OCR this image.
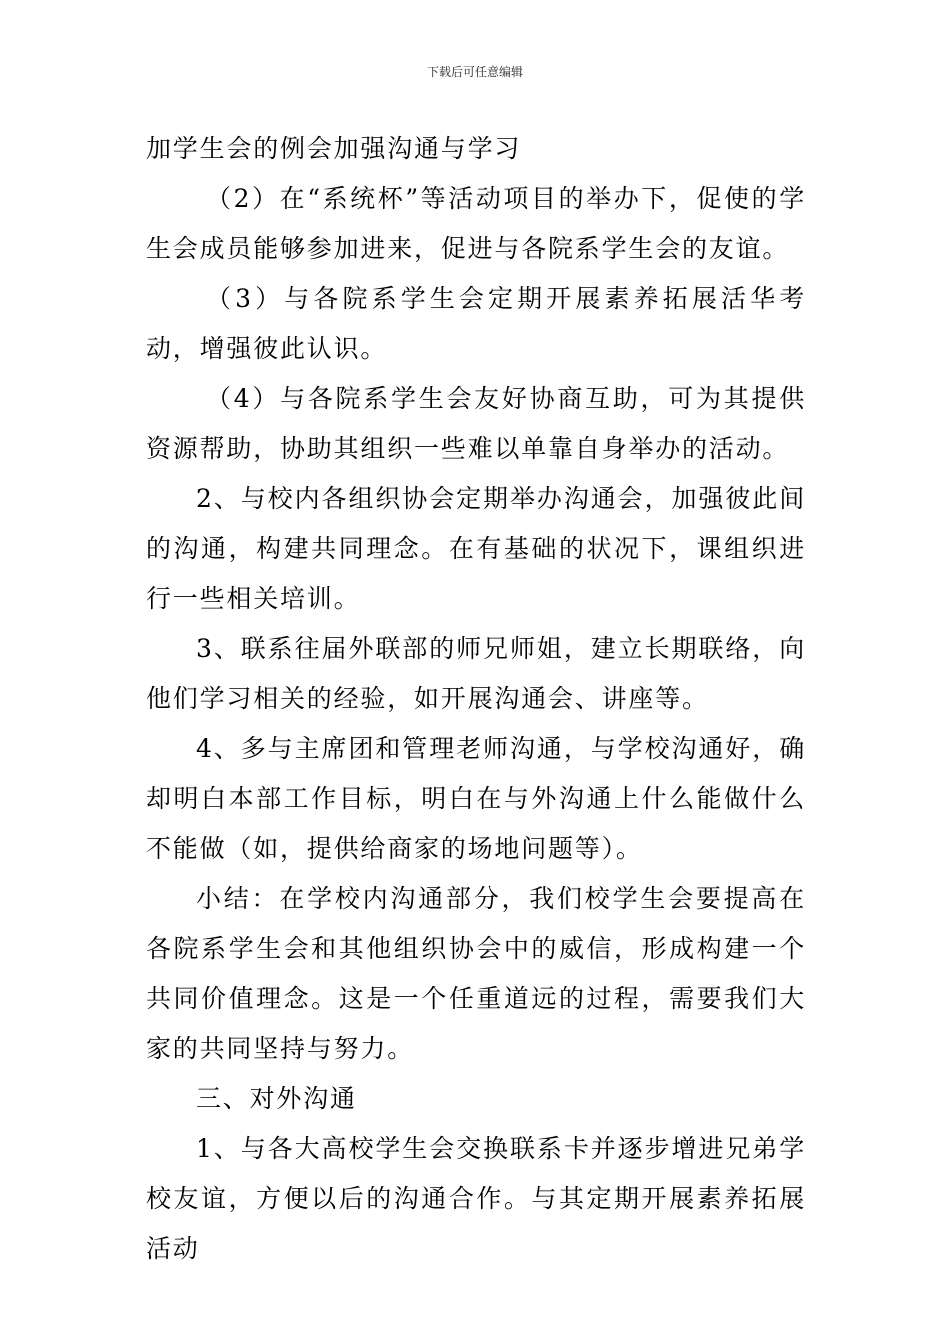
下载后可任意编辑

加学生会的例会加强沟通与学习

（2）在“系统杯”等活动项目的举办下，促使的学生会成员能够参加进来，促进与各院系学生会的友谊。

（3）与各院系学生会定期开展素养拓展活华考动，增强彼此认识。

（4）与各院系学生会友好协商互助，可为其提供资源帮助，协助其组织一些难以单靠自身举办的活动。

2、与校内各组织协会定期举办沟通会，加强彼此间的沟通，构建共同理念。在有基础的状况下，课组织进行一些相关培训。

3、联系往届外联部的师兄师姐，建立长期联络，向他们学习相关的经验，如开展沟通会、讲座等。

4、多与主席团和管理老师沟通，与学校沟通好，确却明白本部工作目标，明白在与外沟通上什么能做什么不能做（如，提供给商家的场地问题等）。

小结：在学校内沟通部分，我们校学生会要提高在各院系学生会和其他组织协会中的威信，形成构建一个共同价值理念。这是一个任重道远的过程，需要我们大家的共同坚持与努力。

三、对外沟通

1、与各大高校学生会交换联系卡并逐步增进兄弟学校友谊，方便以后的沟通合作。与其定期开展素养拓展活动
